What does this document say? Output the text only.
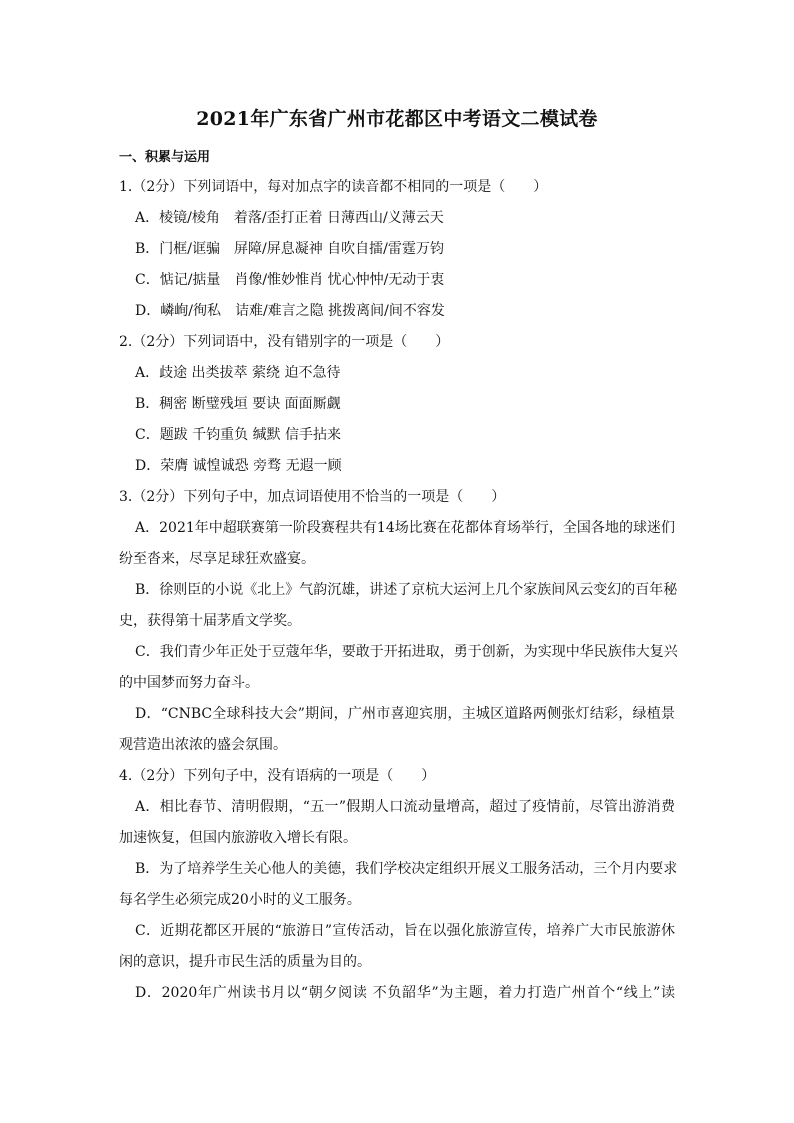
2021年广东省广州市花都区中考语文二模试卷
一、积累与运用
1.（2分）下列词语中，每对加点字的读音都不相同的一项是（　　）
A．棱镜/棱角　着落/歪打正着 日薄西山/义薄云天
B．门框/诓骗　屏障/屏息凝神 自吹自擂/雷霆万钧
C．惦记/掂量　肖像/惟妙惟肖 忧心忡忡/无动于衷
D．嶙峋/徇私　诘难/难言之隐 挑拨离间/间不容发
2.（2分）下列词语中，没有错别字的一项是（　　）
A．歧途 出类拔萃 萦绕 迫不急待
B．稠密 断璧残垣 要诀 面面厮觑
C．题跋 千钧重负 缄默 信手拈来
D．荣膺 诚惶诚恐 旁骛 无遐一顾
3.（2分）下列句子中，加点词语使用不恰当的一项是（　　）
A．2021年中超联赛第一阶段赛程共有14场比赛在花都体育场举行，全国各地的球迷们
纷至沓来，尽享足球狂欢盛宴。
B．徐则臣的小说《北上》气韵沉雄，讲述了京杭大运河上几个家族间风云变幻的百年秘
史，获得第十届茅盾文学奖。
C．我们青少年正处于豆蔻年华，要敢于开拓进取，勇于创新，为实现中华民族伟大复兴
的中国梦而努力奋斗。
D．“CNBC全球科技大会”期间，广州市喜迎宾朋，主城区道路两侧张灯结彩，绿植景
观营造出浓浓的盛会氛围。
4.（2分）下列句子中，没有语病的一项是（　　）
A．相比春节、清明假期，“五一”假期人口流动量增高，超过了疫情前，尽管出游消费
加速恢复，但国内旅游收入增长有限。
B．为了培养学生关心他人的美德，我们学校决定组织开展义工服务活动，三个月内要求
每名学生必须完成20小时的义工服务。
C．近期花都区开展的“旅游日”宣传活动，旨在以强化旅游宣传，培养广大市民旅游休
闲的意识，提升市民生活的质量为目的。
D．2020年广州读书月以“朝夕阅读 不负韶华”为主题，着力打造广州首个“线上”读
